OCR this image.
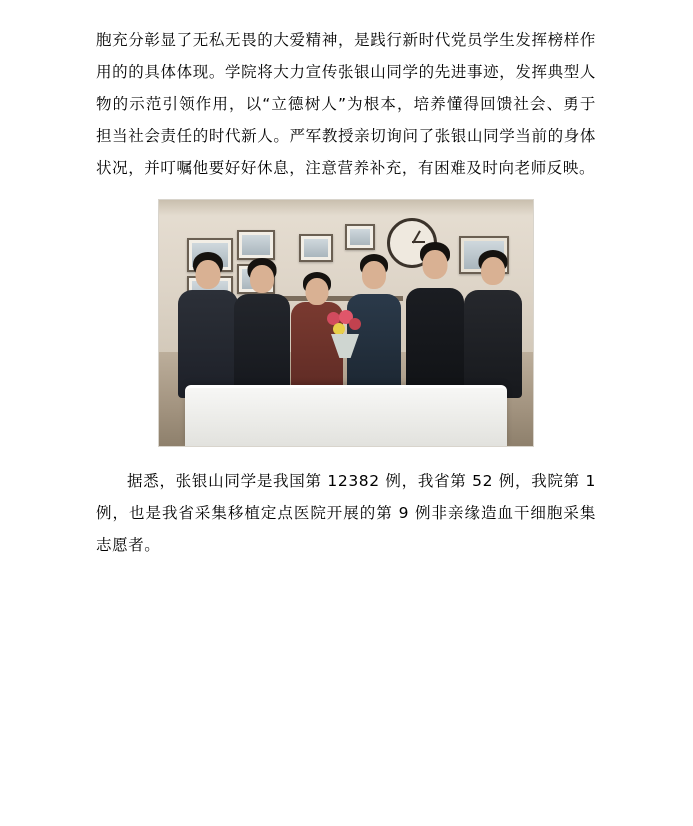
胞充分彰显了无私无畏的大爱精神，是践行新时代党员学生发挥榜样作用的的具体体现。学院将大力宣传张银山同学的先进事迹，发挥典型人物的示范引领作用，以“立德树人”为根本，培养懂得回馈社会、勇于担当社会责任的时代新人。严军教授亲切询问了张银山同学当前的身体状况，并叮嘱他要好好休息，注意营养补充，有困难及时向老师反映。

据悉，张银山同学是我国第 12382 例，我省第 52 例，我院第 1 例，也是我省采集移植定点医院开展的第 9 例非亲缘造血干细胞采集志愿者。
